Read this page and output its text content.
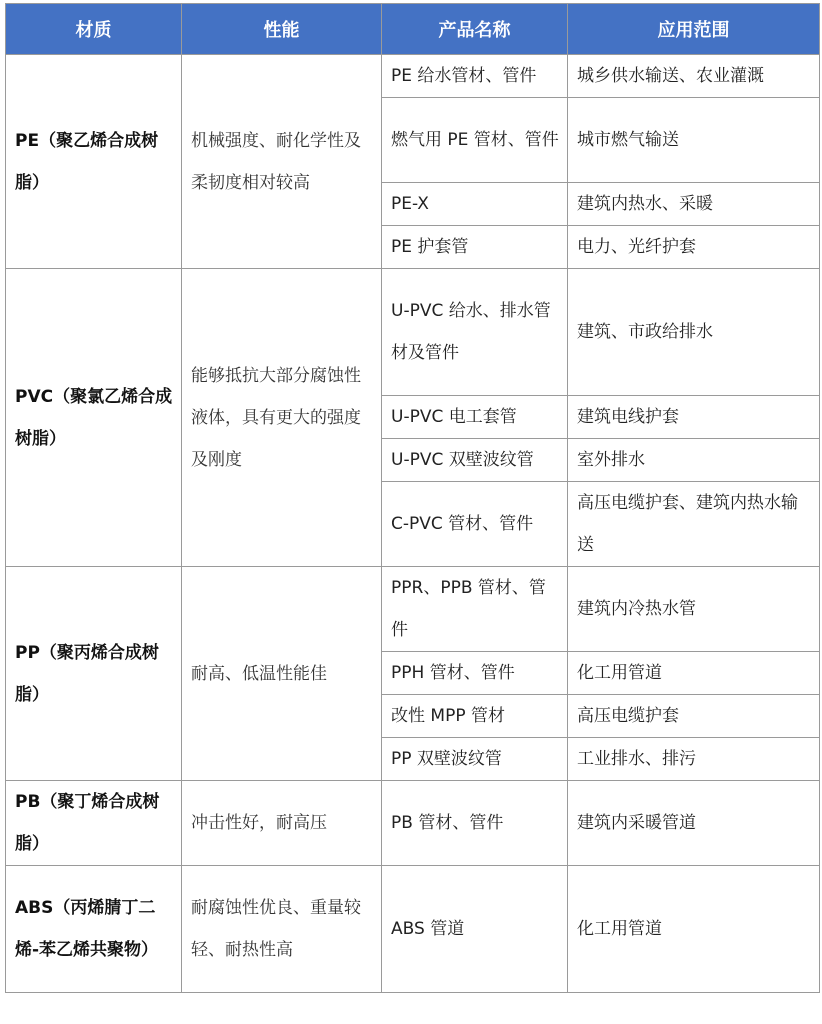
材质	性能	产品名称	应用范围
PE（聚乙烯合成树脂）	机械强度、耐化学性及柔韧度相对较高	PE 给水管材、管件	城乡供水输送、农业灌溉
		燃气用 PE 管材、管件	城市燃气输送
		PE-X	建筑内热水、采暖
		PE 护套管	电力、光纤护套
PVC（聚氯乙烯合成树脂）	能够抵抗大部分腐蚀性液体，具有更大的强度及刚度	U-PVC 给水、排水管材及管件	建筑、市政给排水
		U-PVC 电工套管	建筑电线护套
		U-PVC 双壁波纹管	室外排水
		C-PVC 管材、管件	高压电缆护套、建筑内热水输送
PP（聚丙烯合成树脂）	耐高、低温性能佳	PPR、PPB 管材、管件	建筑内冷热水管
		PPH 管材、管件	化工用管道
		改性 MPP 管材	高压电缆护套
		PP 双壁波纹管	工业排水、排污
PB（聚丁烯合成树脂）	冲击性好，耐高压	PB 管材、管件	建筑内采暖管道
ABS（丙烯腈丁二烯-苯乙烯共聚物）	耐腐蚀性优良、重量较轻、耐热性高	ABS 管道	化工用管道
